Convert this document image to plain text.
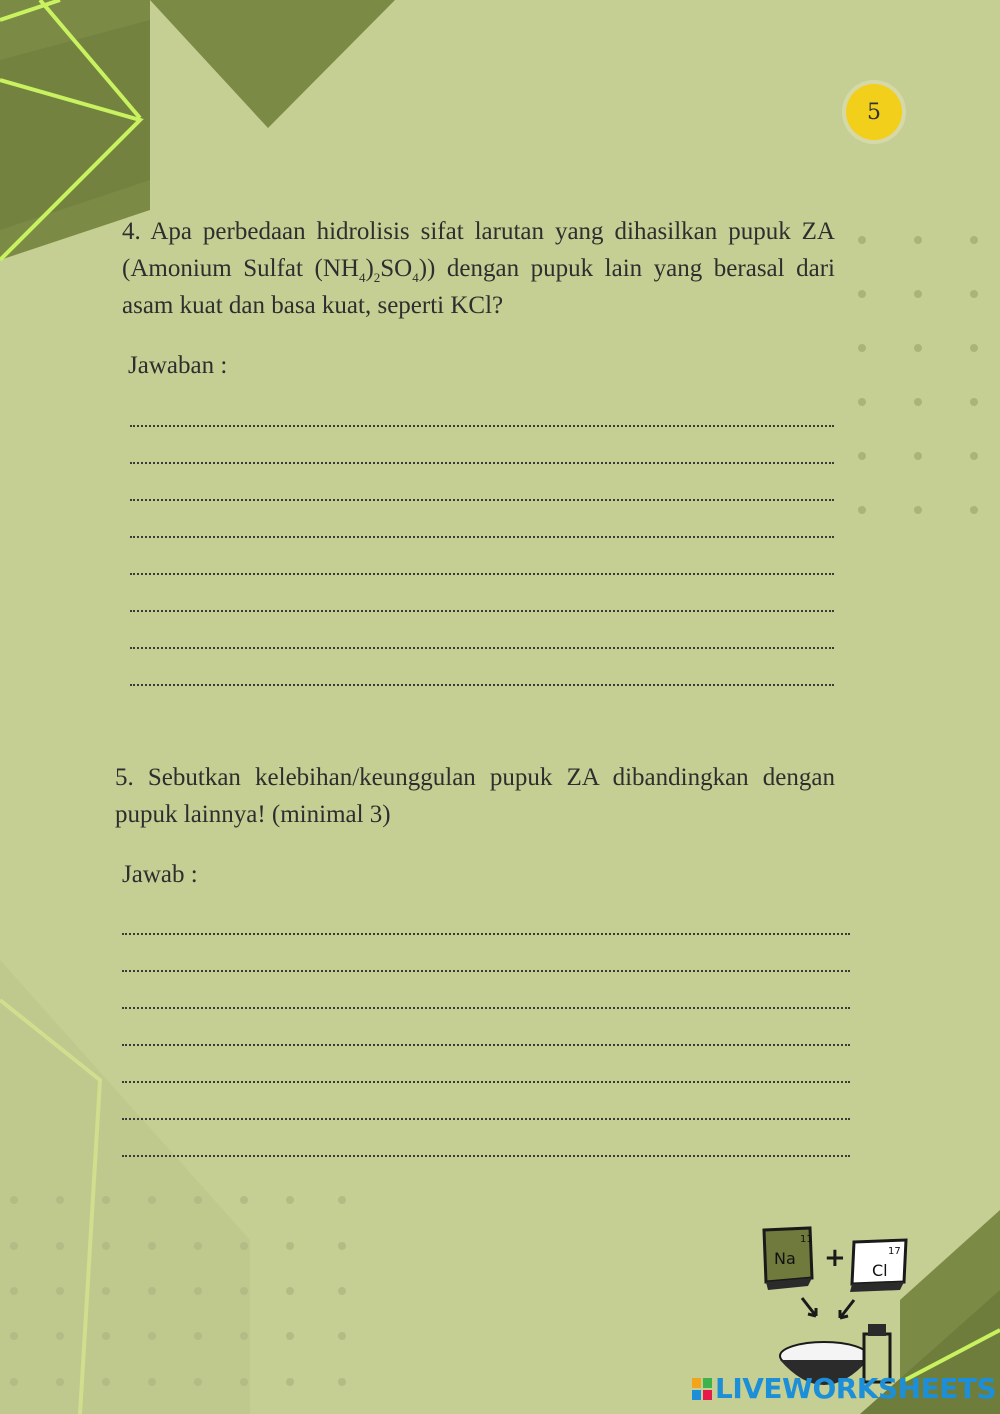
5
4. Apa perbedaan hidrolisis sifat larutan yang dihasilkan pupuk ZA (Amonium Sulfat $(NH_4)_2SO_4$)) dengan pupuk lain yang berasal dari asam kuat dan basa kuat, seperti KCl?
Jawaban :
5. Sebutkan kelebihan/keunggulan pupuk ZA dibandingkan dengan pupuk lainnya! (minimal 3)
Jawab :
11
Na +	17
Cl
LIVEWORKSHEETS
